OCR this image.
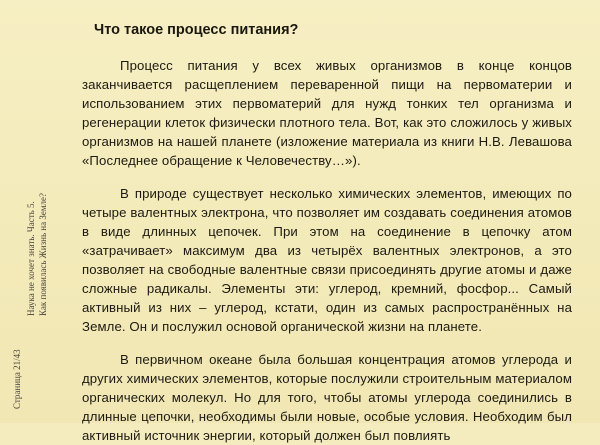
Страница 21/43
Наука не хочет знать. Часть 5. Как появилась Жизнь на Земле?
Что такое процесс питания?

Процесс питания у всех живых организмов в конце концов заканчивается расщеплением переваренной пищи на первоматерии и использованием этих первоматерий для нужд тонких тел организма и регенерации клеток физически плотного тела. Вот, как это сложилось у живых организмов на нашей планете (изложение материала из книги Н.В. Левашова «Последнее обращение к Человечеству…»).

В природе существует несколько химических элементов, имеющих по четыре валентных электрона, что позволяет им создавать соединения атомов в виде длинных цепочек. При этом на соединение в цепочку атом «затрачивает» максимум два из четырёх валентных электронов, а это позволяет на свободные валентные связи присоединять другие атомы и даже сложные радикалы. Элементы эти: углерод, кремний, фосфор... Самый активный из них – углерод, кстати, один из самых распространённых на Земле. Он и послужил основой органической жизни на планете.

В первичном океане была большая концентрация атомов углерода и других химических элементов, которые послужили строительным материалом органических молекул. Но для того, чтобы атомы углерода соединились в длинные цепочки, необходимы были новые, особые условия. Необходим был активный источник энергии, который должен был повлиять
